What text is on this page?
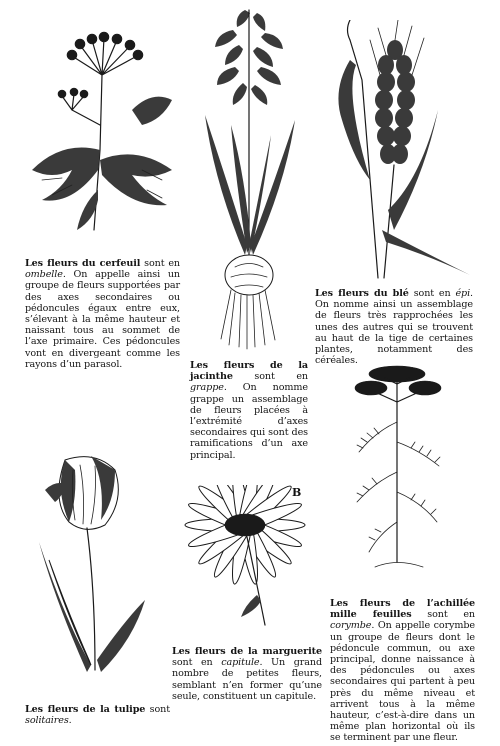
B
Les fleurs du cerfeuil sont en ombelle. On appelle ainsi un groupe de fleurs supportées par des axes secondaires ou pédoncules égaux entre eux, s’élevant à la même hauteur et naissant tous au sommet de l’axe primaire. Ces pédoncules vont en divergeant comme les rayons d’un parasol.	Les fleurs de la jacinthe sont en grappe. On nomme grappe un assemblage de fleurs placées à l’extrémité d’axes secondaires qui sont des ramifications d’un axe principal.
Les fleurs du blé sont en épi. On nomme ainsi un assemblage de fleurs très rapprochées les unes des autres qui se trouvent au haut de la tige de certaines plantes, notamment des céréales.
Les fleurs de la tulipe sont solitaires.
Les fleurs de la marguerite sont en capitule. Un grand nombre de petites fleurs, semblant n’en former qu’une seule, constituent un capitule.
Les fleurs de l’achillée mille feuilles sont en corymbe. On appelle corymbe un groupe de fleurs dont le pédoncule commun, ou axe principal, donne naissance à des pédoncules ou axes secondaires qui partent à peu près du même niveau et arrivent tous à la même hauteur, c’est-à-dire dans un même plan horizontal où ils se terminent par une fleur.
